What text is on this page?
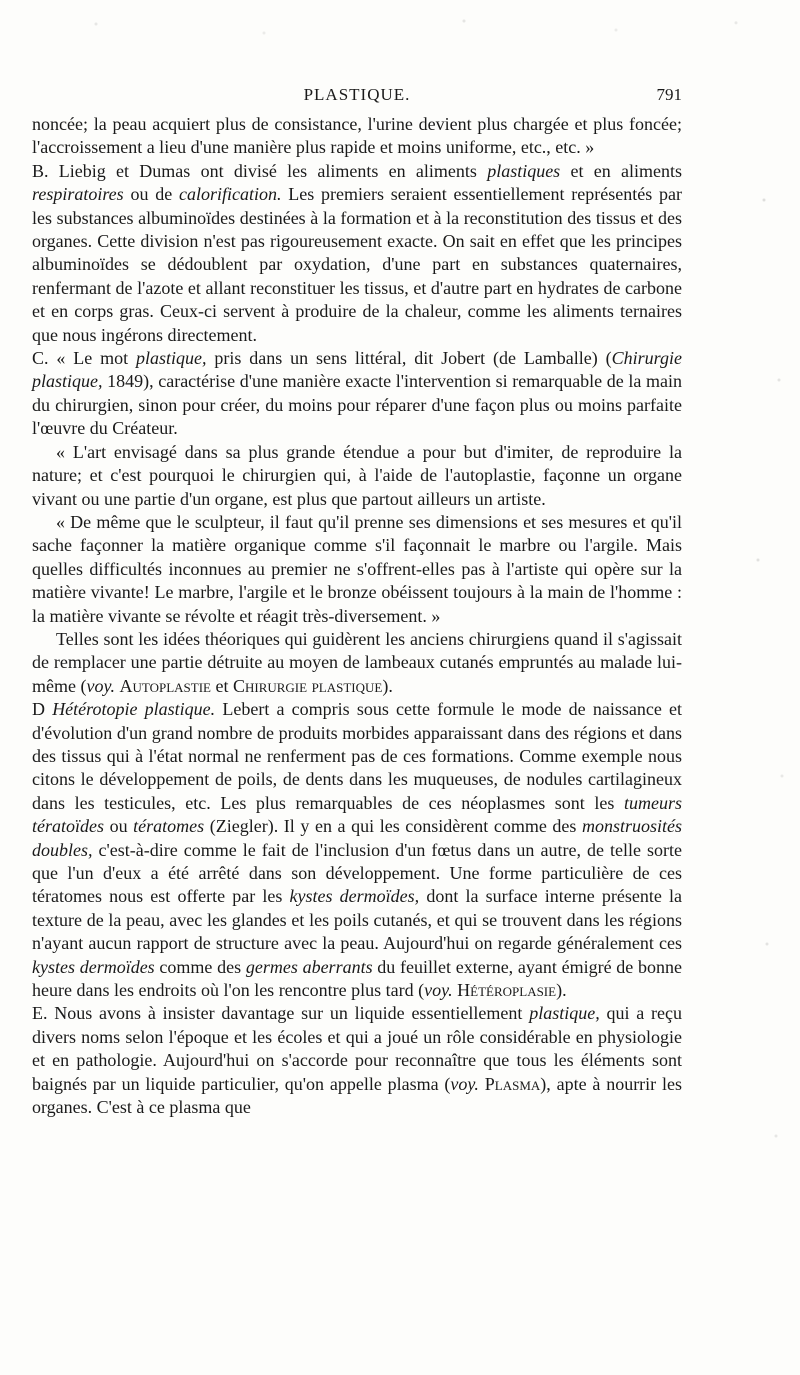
PLASTIQUE.	791

noncée; la peau acquiert plus de consistance, l'urine devient plus chargée et plus foncée; l'accroissement a lieu d'une manière plus rapide et moins uniforme, etc., etc. »

B. Liebig et Dumas ont divisé les aliments en aliments plastiques et en aliments respiratoires ou de calorification. Les premiers seraient essentiellement représentés par les substances albuminoïdes destinées à la formation et à la reconstitution des tissus et des organes. Cette division n'est pas rigoureusement exacte. On sait en effet que les principes albuminoïdes se dédoublent par oxydation, d'une part en substances quaternaires, renfermant de l'azote et allant reconstituer les tissus, et d'autre part en hydrates de carbone et en corps gras. Ceux-ci servent à produire de la chaleur, comme les aliments ternaires que nous ingérons directement.

C. « Le mot plastique, pris dans un sens littéral, dit Jobert (de Lamballe) (Chirurgie plastique, 1849), caractérise d'une manière exacte l'intervention si remarquable de la main du chirurgien, sinon pour créer, du moins pour réparer d'une façon plus ou moins parfaite l'œuvre du Créateur.

« L'art envisagé dans sa plus grande étendue a pour but d'imiter, de reproduire la nature; et c'est pourquoi le chirurgien qui, à l'aide de l'autoplastie, façonne un organe vivant ou une partie d'un organe, est plus que partout ailleurs un artiste.

« De même que le sculpteur, il faut qu'il prenne ses dimensions et ses mesures et qu'il sache façonner la matière organique comme s'il façonnait le marbre ou l'argile. Mais quelles difficultés inconnues au premier ne s'offrent-elles pas à l'artiste qui opère sur la matière vivante! Le marbre, l'argile et le bronze obéissent toujours à la main de l'homme : la matière vivante se révolte et réagit très-diversement. »

Telles sont les idées théoriques qui guidèrent les anciens chirurgiens quand il s'agissait de remplacer une partie détruite au moyen de lambeaux cutanés empruntés au malade lui-même (voy. Autoplastie et Chirurgie plastique).

D Hétérotopie plastique. Lebert a compris sous cette formule le mode de naissance et d'évolution d'un grand nombre de produits morbides apparaissant dans des régions et dans des tissus qui à l'état normal ne renferment pas de ces formations. Comme exemple nous citons le développement de poils, de dents dans les muqueuses, de nodules cartilagineux dans les testicules, etc. Les plus remarquables de ces néoplasmes sont les tumeurs tératoïdes ou tératomes (Ziegler). Il y en a qui les considèrent comme des monstruosités doubles, c'est-à-dire comme le fait de l'inclusion d'un fœtus dans un autre, de telle sorte que l'un d'eux a été arrêté dans son développement. Une forme particulière de ces tératomes nous est offerte par les kystes dermoïdes, dont la surface interne présente la texture de la peau, avec les glandes et les poils cutanés, et qui se trouvent dans les régions n'ayant aucun rapport de structure avec la peau. Aujourd'hui on regarde généralement ces kystes dermoïdes comme des germes aberrants du feuillet externe, ayant émigré de bonne heure dans les endroits où l'on les rencontre plus tard (voy. Hétéroplasie).

E. Nous avons à insister davantage sur un liquide essentiellement plastique, qui a reçu divers noms selon l'époque et les écoles et qui a joué un rôle considérable en physiologie et en pathologie. Aujourd'hui on s'accorde pour reconnaître que tous les éléments sont baignés par un liquide particulier, qu'on appelle plasma (voy. Plasma), apte à nourrir les organes. C'est à ce plasma que
